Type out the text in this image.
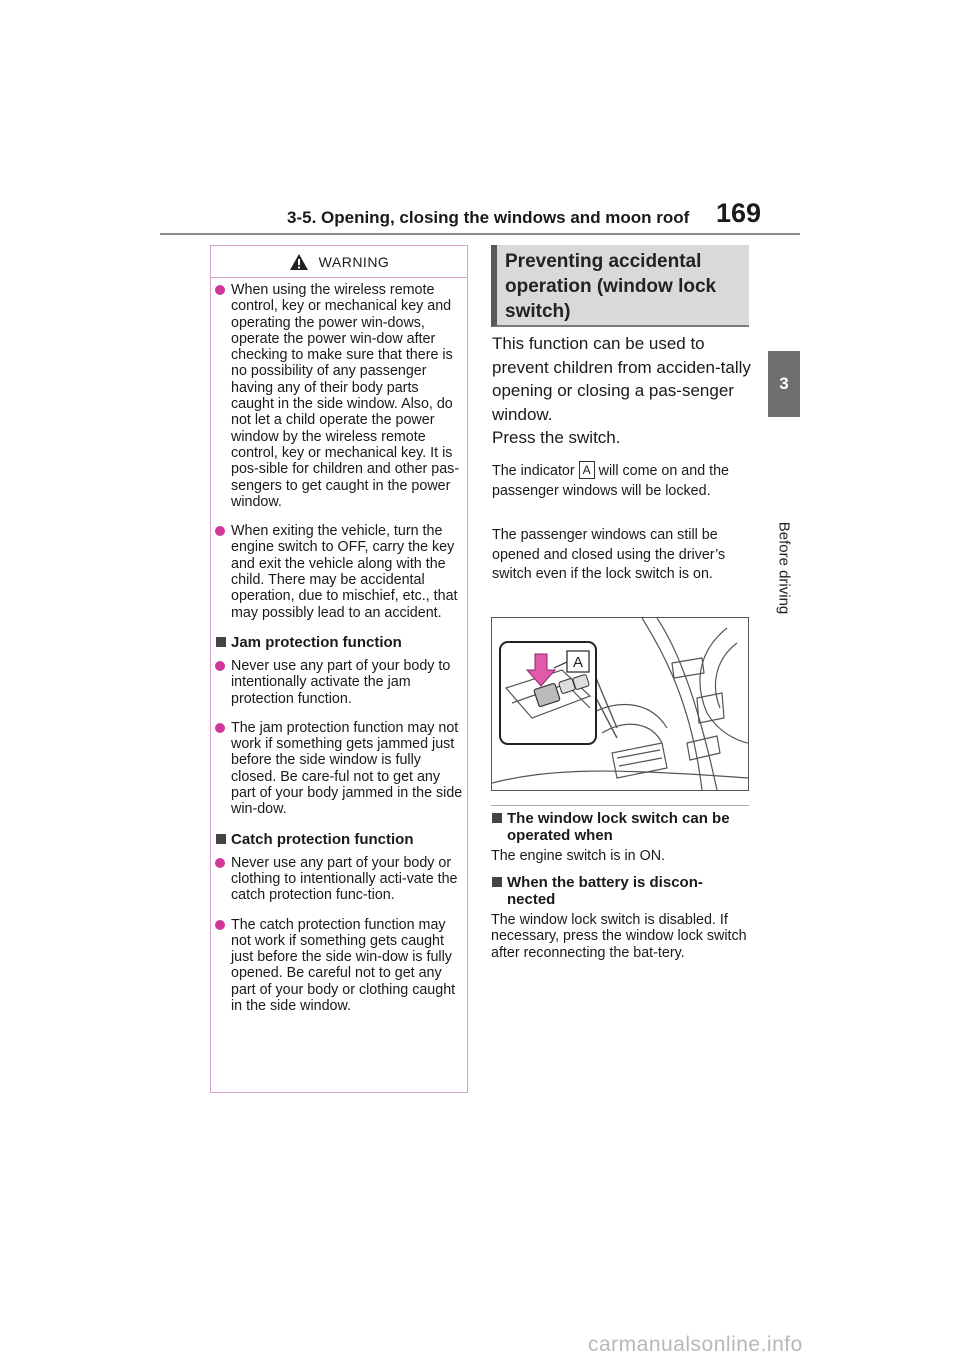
3-5. Opening, closing the windows and moon roof 169
3
Before driving
WARNING
When using the wireless remote control, key or mechanical key and operating the power win-dows, operate the power win-dow after checking to make sure that there is no possibility of any passenger having any of their body parts caught in the side window. Also, do not let a child operate the power window by the wireless remote control, key or mechanical key. It is pos-sible for children and other pas-sengers to get caught in the power window.
When exiting the vehicle, turn the engine switch to OFF, carry the key and exit the vehicle along with the child. There may be accidental operation, due to mischief, etc., that may possibly lead to an accident.
Jam protection function
Never use any part of your body to intentionally activate the jam protection function.
The jam protection function may not work if something gets jammed just before the side window is fully closed. Be care-ful not to get any part of your body jammed in the side win-dow.
Catch protection function
Never use any part of your body or clothing to intentionally acti-vate the catch protection func-tion.
The catch protection function may not work if something gets caught just before the side win-dow is fully opened. Be careful not to get any part of your body or clothing caught in the side window.
Preventing accidental operation (window lock switch)
This function can be used to prevent children from acciden-tally opening or closing a pas-senger window.
Press the switch.
The indicator A will come on and the passenger windows will be locked.
The passenger windows can still be opened and closed using the driver’s switch even if the lock switch is on.
A
The window lock switch can be operated when
The engine switch is in ON.
When the battery is discon-nected
The window lock switch is disabled. If necessary, press the window lock switch after reconnecting the bat-tery.
carmanualsonline.info
